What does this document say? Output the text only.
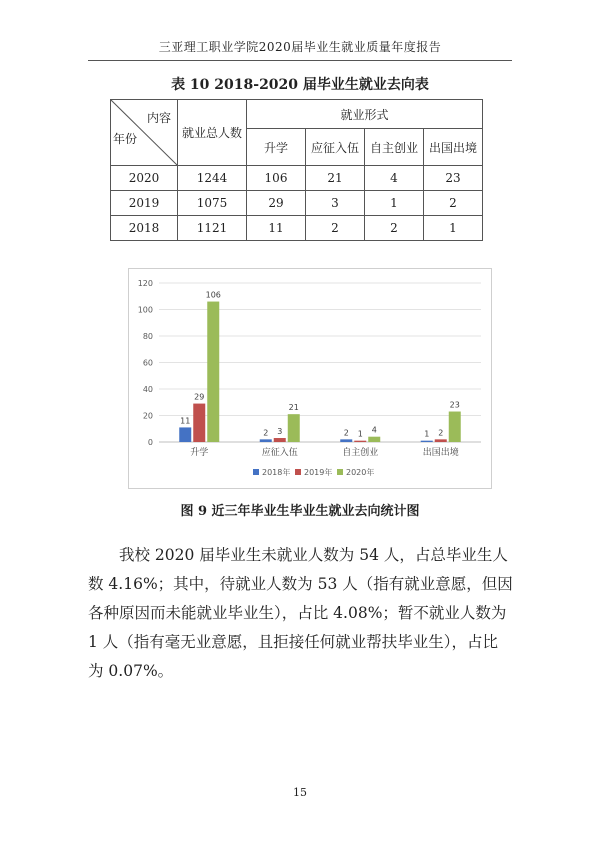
三亚理工职业学院2020届毕业生就业质量年度报告
表 10 2018-2020 届毕业生就业去向表
内容
年份	就业总人数	就业形式			
		升学	应征入伍	自主创业	出国出境
2020	1244	106	21	4	23
2019	1075	29	3	1	2
2018	1121	11	2	2	1
0
20
40
60
80
100
120
11
29
106
升学
2 3
21
应征入伍
2 1 4
自主创业
1 2
23
出国出境
2018年 2019年 2020年
图 9 近三年毕业生毕业生就业去向统计图
我校 2020 届毕业生未就业人数为 54 人，占总毕业生人
数 4.16%；其中，待就业人数为 53 人（指有就业意愿，但因
各种原因而未能就业毕业生），占比 4.08%；暂不就业人数为
1 人（指有毫无业意愿，且拒接任何就业帮扶毕业生），占比
为 0.07%。
15
